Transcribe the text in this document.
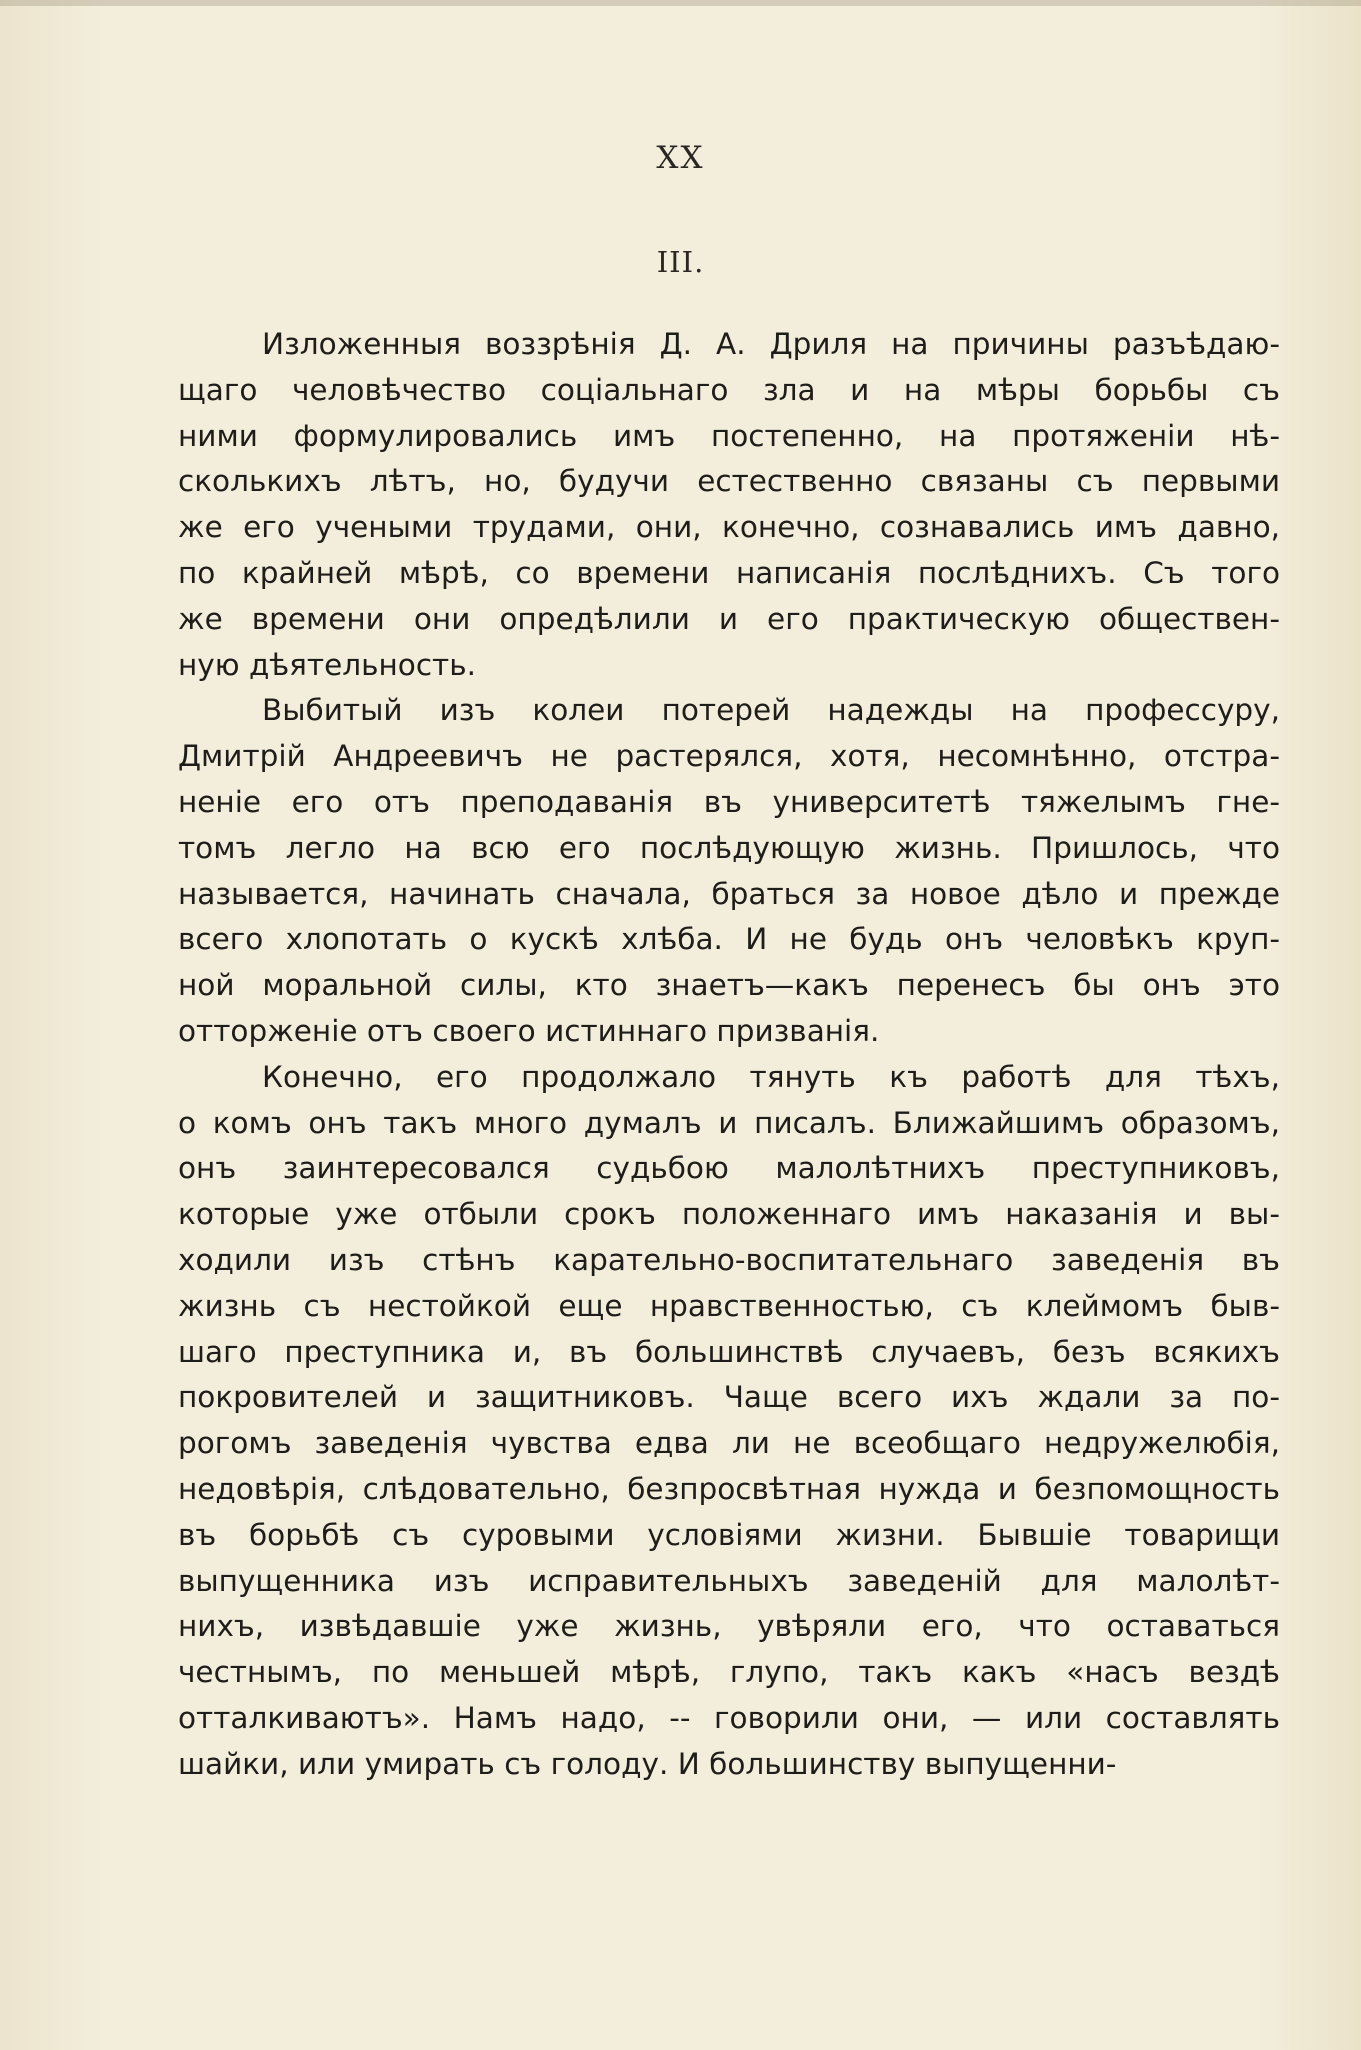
XX
III.
Изложенныя воззрѣнія Д. А. Дриля на причины разъѣдаю-
щаго человѣчество соціальнаго зла и на мѣры борьбы съ
ними формулировались имъ постепенно, на протяженіи нѣ-
сколькихъ лѣтъ, но, будучи естественно связаны съ первыми
же его учеными трудами, они, конечно, сознавались имъ давно,
по крайней мѣрѣ, со времени написанія послѣднихъ. Съ того
же времени они опредѣлили и его практическую обществен-
ную дѣятельность.
Выбитый изъ колеи потерей надежды на профессуру,
Дмитрій Андреевичъ не растерялся, хотя, несомнѣнно, отстра-
неніе его отъ преподаванія въ университетѣ тяжелымъ гне-
томъ легло на всю его послѣдующую жизнь. Пришлось, что
называется, начинать сначала, браться за новое дѣло и прежде
всего хлопотать о кускѣ хлѣба. И не будь онъ человѣкъ круп-
ной моральной силы, кто знаетъ—какъ перенесъ бы онъ это
отторженіе отъ своего истиннаго призванія.
Конечно, его продолжало тянуть къ работѣ для тѣхъ,
о комъ онъ такъ много думалъ и писалъ. Ближайшимъ образомъ,
онъ заинтересовался судьбою малолѣтнихъ преступниковъ,
которые уже отбыли срокъ положеннаго имъ наказанія и вы-
ходили изъ стѣнъ карательно-воспитательнаго заведенія въ
жизнь съ нестойкой еще нравственностью, съ клеймомъ быв-
шаго преступника и, въ большинствѣ случаевъ, безъ всякихъ
покровителей и защитниковъ. Чаще всего ихъ ждали за по-
рогомъ заведенія чувства едва ли не всеобщаго недружелюбія,
недовѣрія, слѣдовательно, безпросвѣтная нужда и безпомощность
въ борьбѣ съ суровыми условіями жизни. Бывшіе товарищи
выпущенника изъ исправительныхъ заведеній для малолѣт-
нихъ, извѣдавшіе уже жизнь, увѣряли его, что оставаться
честнымъ, по меньшей мѣрѣ, глупо, такъ какъ «насъ вездѣ
отталкиваютъ». Намъ надо, -- говорили они, — или составлять
шайки, или умирать съ голоду. И большинству выпущенни-
